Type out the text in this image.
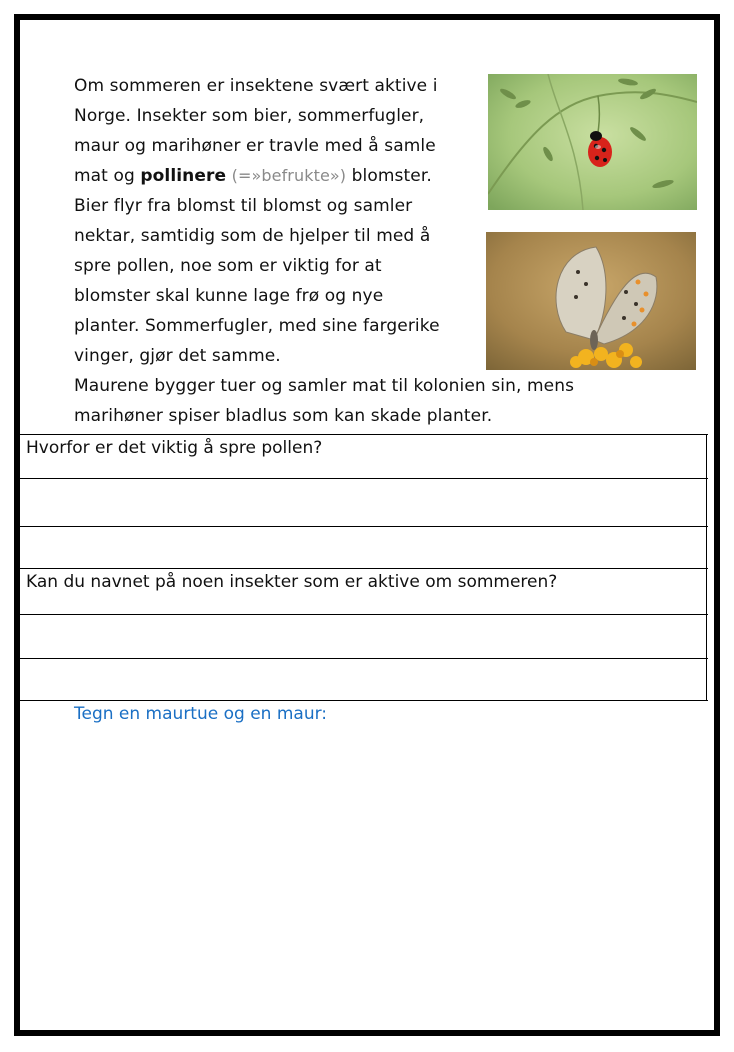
Om sommeren er insektene svært aktive i
Norge. Insekter som bier, sommerfugler,
maur og marihøner er travle med å samle
mat og pollinere (=»befrukte») blomster.
Bier flyr fra blomst til blomst og samler
nektar, samtidig som de hjelper til med å
spre pollen, noe som er viktig for at
blomster skal kunne lage frø og nye
planter. Sommerfugler, med sine fargerike
vinger, gjør det samme.
Maurene bygger tuer og samler mat til kolonien sin, mens
marihøner spiser bladlus som kan skade planter.
Hvorfor er det viktig å spre pollen?
Kan du navnet på noen insekter som er aktive om sommeren?
Tegn en maurtue og en maur:
